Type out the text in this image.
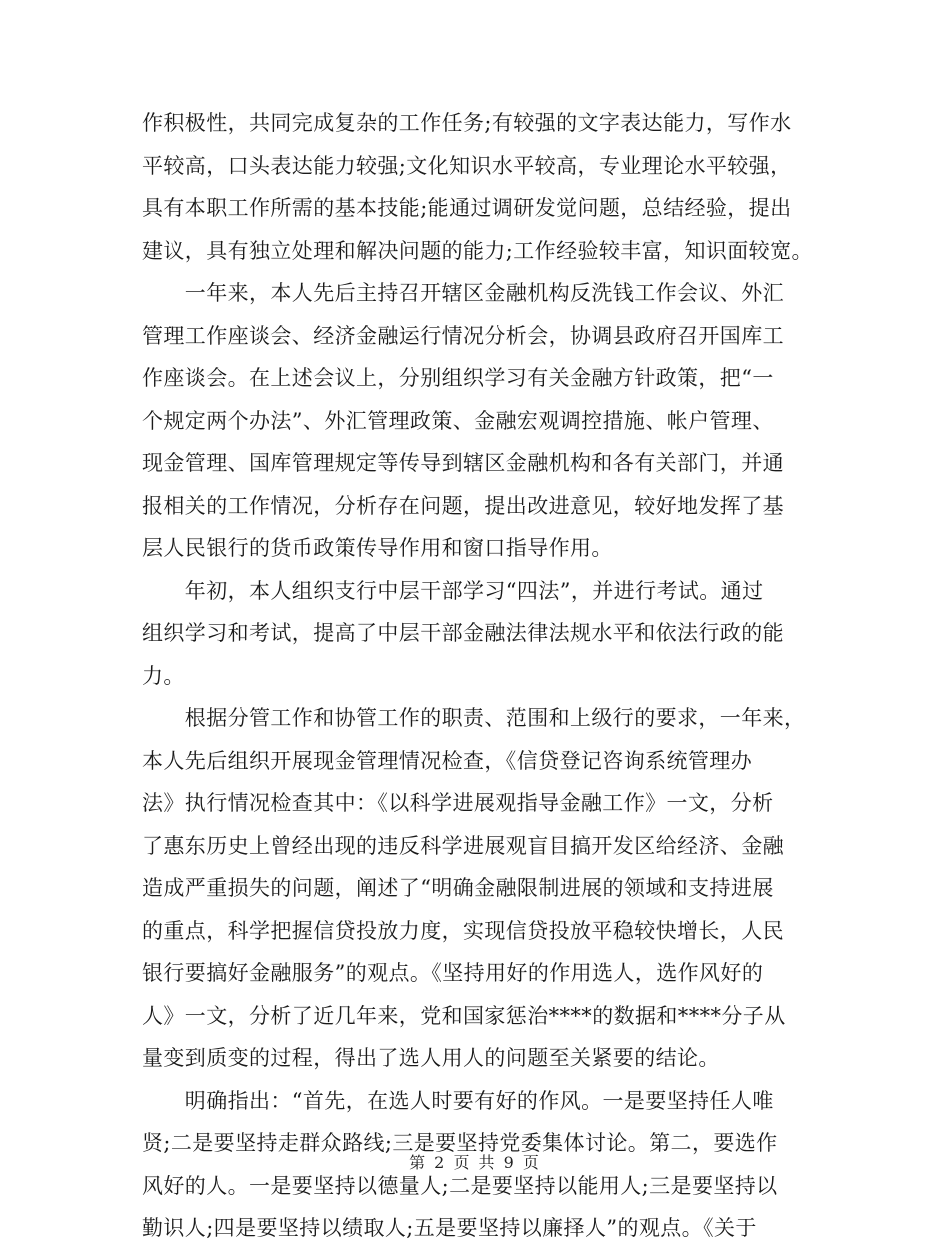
作积极性，共同完成复杂的工作任务;有较强的文字表达能力，写作水
平较高，口头表达能力较强;文化知识水平较高，专业理论水平较强，
具有本职工作所需的基本技能;能通过调研发觉问题，总结经验，提出
建议，具有独立处理和解决问题的能力;工作经验较丰富，知识面较宽。
　　一年来，本人先后主持召开辖区金融机构反洗钱工作会议、外汇
管理工作座谈会、经济金融运行情况分析会，协调县政府召开国库工
作座谈会。在上述会议上，分别组织学习有关金融方针政策，把“一
个规定两个办法”、外汇管理政策、金融宏观调控措施、帐户管理、
现金管理、国库管理规定等传导到辖区金融机构和各有关部门，并通
报相关的工作情况，分析存在问题，提出改进意见，较好地发挥了基
层人民银行的货币政策传导作用和窗口指导作用。
　　年初，本人组织支行中层干部学习“四法”，并进行考试。通过
组织学习和考试，提高了中层干部金融法律法规水平和依法行政的能
力。
　　根据分管工作和协管工作的职责、范围和上级行的要求，一年来，
本人先后组织开展现金管理情况检查，《信贷登记咨询系统管理办
法》执行情况检查其中：《以科学进展观指导金融工作》一文，分析
了惠东历史上曾经出现的违反科学进展观盲目搞开发区给经济、金融
造成严重损失的问题，阐述了“明确金融限制进展的领域和支持进展
的重点，科学把握信贷投放力度，实现信贷投放平稳较快增长，人民
银行要搞好金融服务”的观点。《坚持用好的作用选人，选作风好的
人》一文，分析了近几年来，党和国家惩治****的数据和****分子从
量变到质变的过程，得出了选人用人的问题至关紧要的结论。
　　明确指出：“首先，在选人时要有好的作风。一是要坚持任人唯
贤;二是要坚持走群众路线;三是要坚持党委集体讨论。第二，要选作
风好的人。一是要坚持以德量人;二是要坚持以能用人;三是要坚持以
勤识人;四是要坚持以绩取人;五是要坚持以廉择人”的观点。《关于
第 2 页 共 9 页
